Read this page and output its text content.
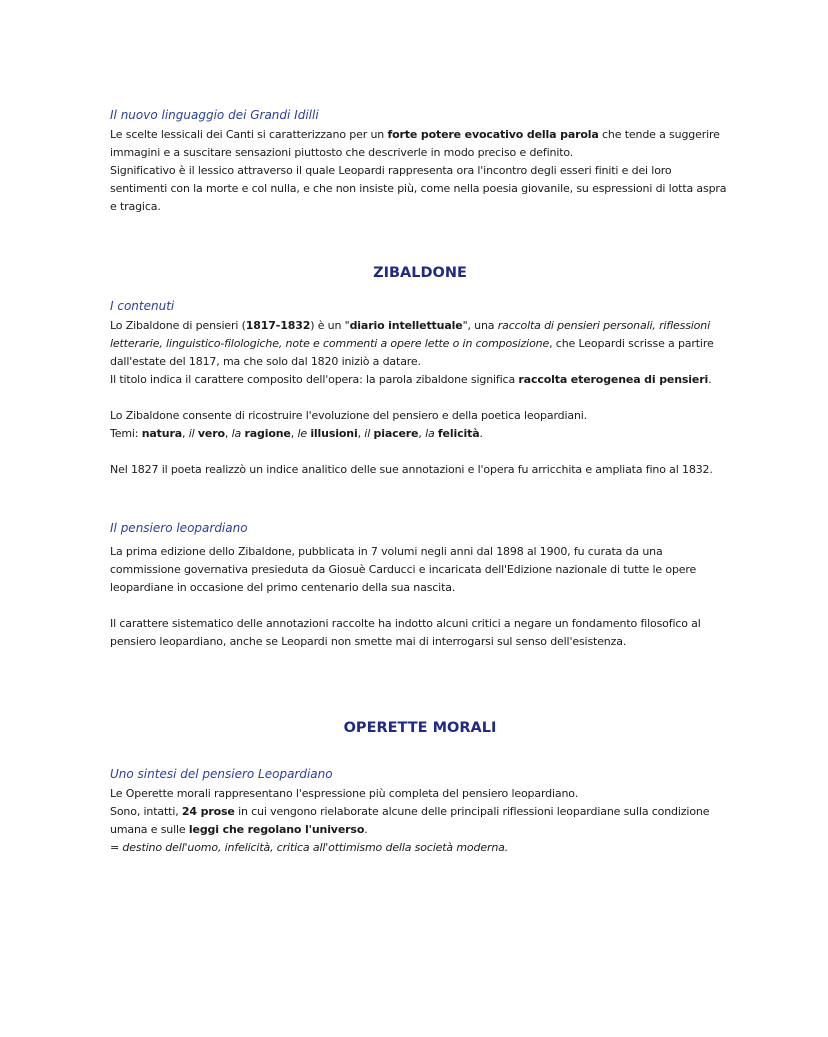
Il nuovo linguaggio dei Grandi Idilli

Le scelte lessicali dei Canti si caratterizzano per un forte potere evocativo della parola che tende a suggerire immagini e a suscitare sensazioni piuttosto che descriverle in modo preciso e definito.

Significativo è il lessico attraverso il quale Leopardi rappresenta ora l'incontro degli esseri finiti e dei loro sentimenti con la morte e col nulla, e che non insiste più, come nella poesia giovanile, su espressioni di lotta aspra e tragica.

ZIBALDONE

I contenuti

Lo Zibaldone di pensieri (1817-1832) è un "diario intellettuale", una raccolta di pensieri personali, riflessioni letterarie, linguistico-filologiche, note e commenti a opere lette o in composizione, che Leopardi scrisse a partire dall'estate del 1817, ma che solo dal 1820 iniziò a datare.

Il titolo indica il carattere composito dell'opera: la parola zibaldone significa raccolta eterogenea di pensieri.

Lo Zibaldone consente di ricostruire l'evoluzione del pensiero e della poetica leopardiani.

Temi: natura, il vero, la ragione, le illusioni, il piacere, la felicità.

Nel 1827 il poeta realizzò un indice analitico delle sue annotazioni e l'opera fu arricchita e ampliata fino al 1832.

Il pensiero leopardiano

La prima edizione dello Zibaldone, pubblicata in 7 volumi negli anni dal 1898 al 1900, fu curata da una commissione governativa presieduta da Giosuè Carducci e incaricata dell'Edizione nazionale di tutte le opere leopardiane in occasione del primo centenario della sua nascita.

Il carattere sistematico delle annotazioni raccolte ha indotto alcuni critici a negare un fondamento filosofico al pensiero leopardiano, anche se Leopardi non smette mai di interrogarsi sul senso dell'esistenza.

OPERETTE MORALI

Uno sintesi del pensiero Leopardiano

Le Operette morali rappresentano l'espressione più completa del pensiero leopardiano.

Sono, intatti, 24 prose in cui vengono rielaborate alcune delle principali riflessioni leopardiane sulla condizione umana e sulle leggi che regolano l'universo.

= destino dell'uomo, infelicità, critica all'ottimismo della società moderna.
